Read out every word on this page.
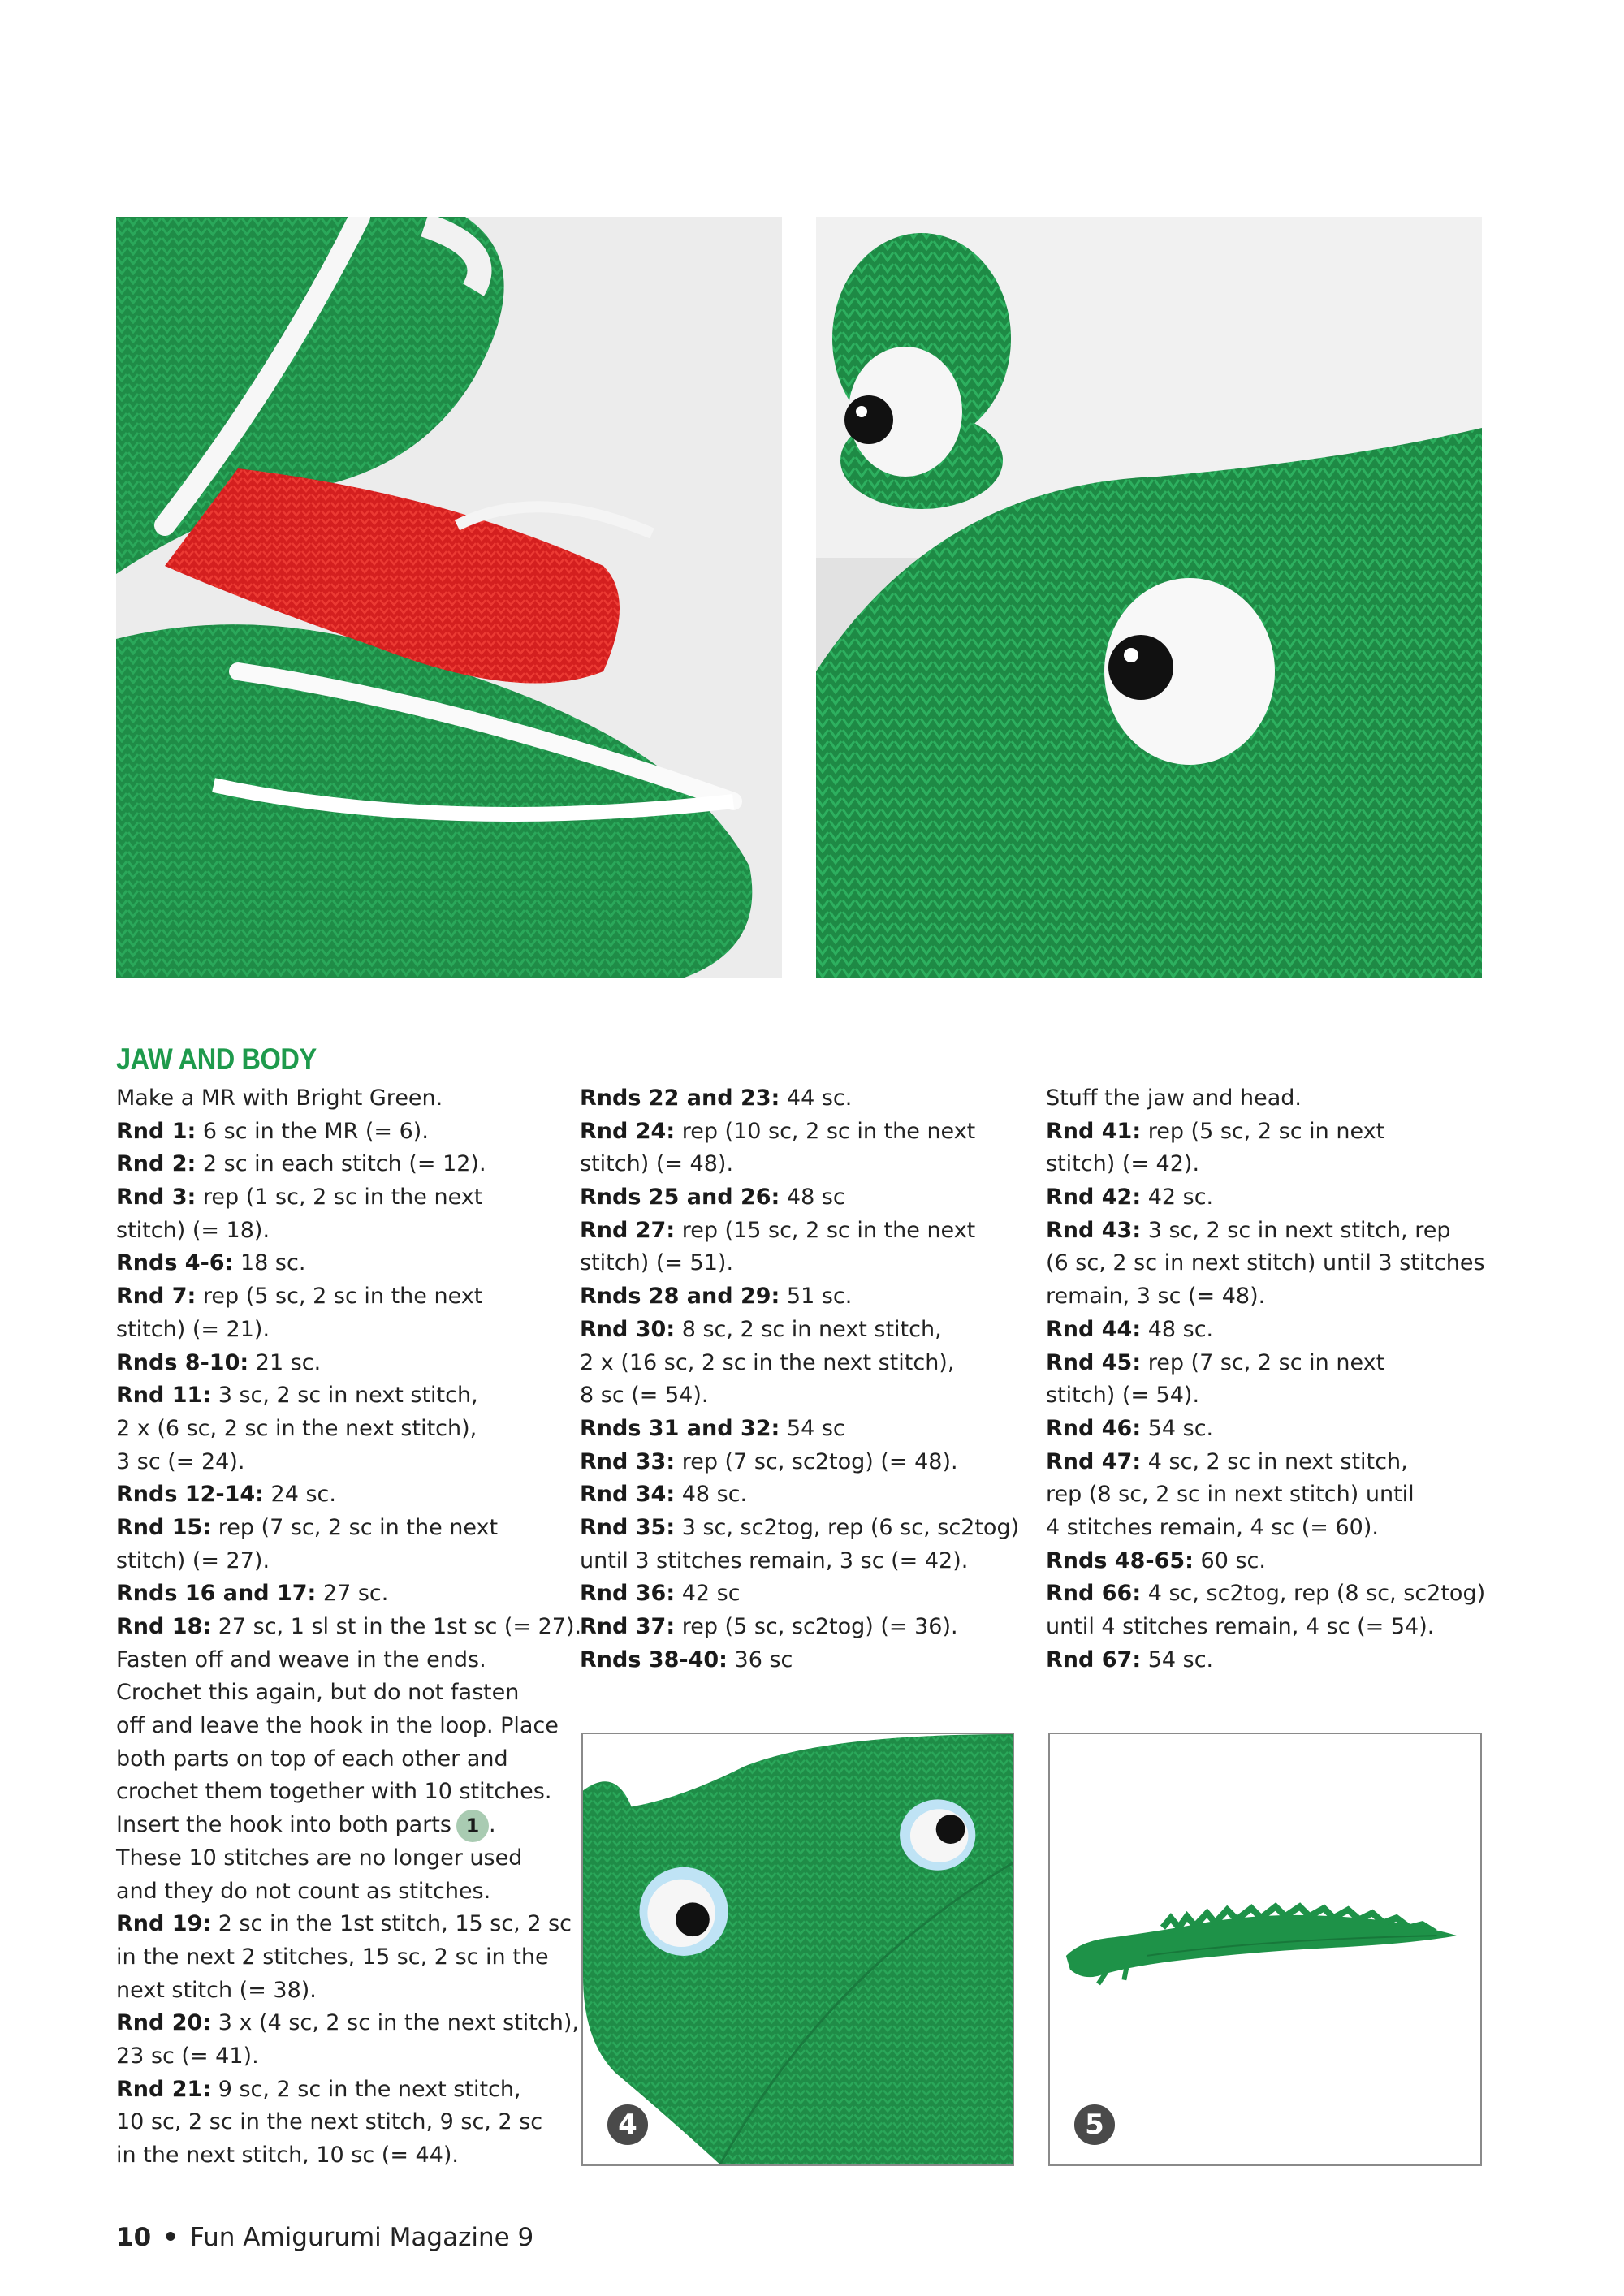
JAW AND BODY
Make a MR with Bright Green.
Rnd 1: 6 sc in the MR (= 6).
Rnd 2: 2 sc in each stitch (= 12).
Rnd 3: rep (1 sc, 2 sc in the next
stitch) (= 18).
Rnds 4-6: 18 sc.
Rnd 7: rep (5 sc, 2 sc in the next
stitch) (= 21).
Rnds 8-10: 21 sc.
Rnd 11: 3 sc, 2 sc in next stitch,
2 x (6 sc, 2 sc in the next stitch),
3 sc (= 24).
Rnds 12-14: 24 sc.
Rnd 15: rep (7 sc, 2 sc in the next
stitch) (= 27).
Rnds 16 and 17: 27 sc.
Rnd 18: 27 sc, 1 sl st in the 1st sc (= 27).
Fasten off and weave in the ends.
Crochet this again, but do not fasten
off and leave the hook in the loop. Place
both parts on top of each other and
crochet them together with 10 stitches.
Insert the hook into both parts 1 .
These 10 stitches are no longer used
and they do not count as stitches.
Rnd 19: 2 sc in the 1st stitch, 15 sc, 2 sc
in the next 2 stitches, 15 sc, 2 sc in the
next stitch (= 38).
Rnd 20: 3 x (4 sc, 2 sc in the next stitch),
23 sc (= 41).
Rnd 21: 9 sc, 2 sc in the next stitch,
10 sc, 2 sc in the next stitch, 9 sc, 2 sc
in the next stitch, 10 sc (= 44).
Rnds 22 and 23: 44 sc.
Rnd 24: rep (10 sc, 2 sc in the next
stitch) (= 48).
Rnds 25 and 26: 48 sc
Rnd 27: rep (15 sc, 2 sc in the next
stitch) (= 51).
Rnds 28 and 29: 51 sc.
Rnd 30: 8 sc, 2 sc in next stitch,
2 x (16 sc, 2 sc in the next stitch),
8 sc (= 54).
Rnds 31 and 32: 54 sc
Rnd 33: rep (7 sc, sc2tog) (= 48).
Rnd 34: 48 sc.
Rnd 35: 3 sc, sc2tog, rep (6 sc, sc2tog)
until 3 stitches remain, 3 sc (= 42).
Rnd 36: 42 sc
Rnd 37: rep (5 sc, sc2tog) (= 36).
Rnds 38-40: 36 sc
Stuff the jaw and head.
Rnd 41: rep (5 sc, 2 sc in next
stitch) (= 42).
Rnd 42: 42 sc.
Rnd 43: 3 sc, 2 sc in next stitch, rep
(6 sc, 2 sc in next stitch) until 3 stitches
remain, 3 sc (= 48).
Rnd 44: 48 sc.
Rnd 45: rep (7 sc, 2 sc in next
stitch) (= 54).
Rnd 46: 54 sc.
Rnd 47: 4 sc, 2 sc in next stitch,
rep (8 sc, 2 sc in next stitch) until
4 stitches remain, 4 sc (= 60).
Rnds 48-65: 60 sc.
Rnd 66: 4 sc, sc2tog, rep (8 sc, sc2tog)
until 4 stitches remain, 4 sc (= 54).
Rnd 67: 54 sc.
4	5
10 • Fun Amigurumi Magazine 9
